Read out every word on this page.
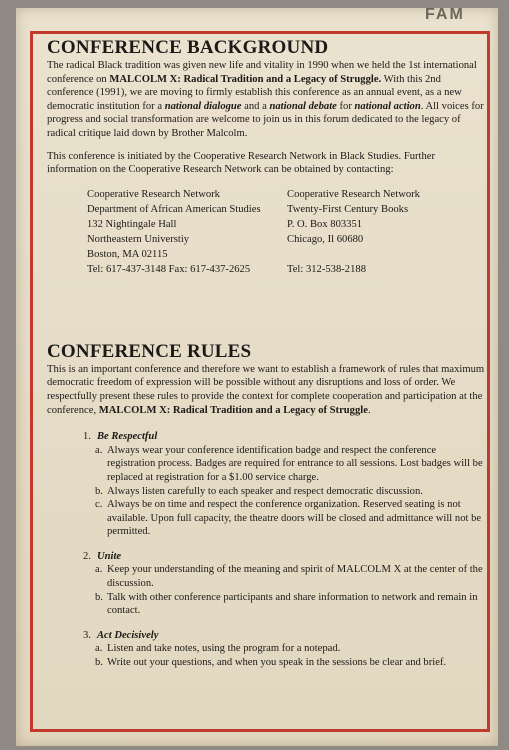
FAM
CONFERENCE BACKGROUND

The radical Black tradition was given new life and vitality in 1990 when we held the 1st international conference on MALCOLM X: Radical Tradition and a Legacy of Struggle. With this 2nd conference (1991), we are moving to firmly establish this conference as an annual event, as a new democratic institution for a national dialogue and a national debate for national action. All voices for progress and social transformation are welcome to join us in this forum dedicated to the legacy of radical critique laid down by Brother Malcolm.

This conference is initiated by the Cooperative Research Network in Black Studies. Further information on the Cooperative Research Network can be obtained by contacting:

Cooperative Research Network
Department of African American Studies
132 Nightingale Hall
Northeastern Universtiy
Boston, MA 02115
Tel: 617-437-3148 Fax: 617-437-2625
Cooperative Research Network
Twenty-First Century Books
P. O. Box 803351
Chicago, Il 60680
Tel: 312-538-2188
CONFERENCE RULES

This is an important conference and therefore we want to establish a framework of rules that maximum democratic freedom of expression will be possible without any disruptions and loss of order. We respectfully present these rules to provide the context for complete cooperation and participation at the conference, MALCOLM X: Radical Tradition and a Legacy of Struggle.

1. Be Respectful
a. Always wear your conference identification badge and respect the conference registration process. Badges are required for entrance to all sessions. Lost badges will be replaced at registration for a $1.00 service charge.
b. Always listen carefully to each speaker and respect democratic discussion.
c. Always be on time and respect the conference organization. Reserved seating is not available. Upon full capacity, the theatre doors will be closed and admittance will not be permitted.
2. Unite
a. Keep your understanding of the meaning and spirit of MALCOLM X at the center of the discussion.
b. Talk with other conference participants and share information to network and remain in contact.
3. Act Decisively
a. Listen and take notes, using the program for a notepad.
b. Write out your questions, and when you speak in the sessions be clear and brief.
